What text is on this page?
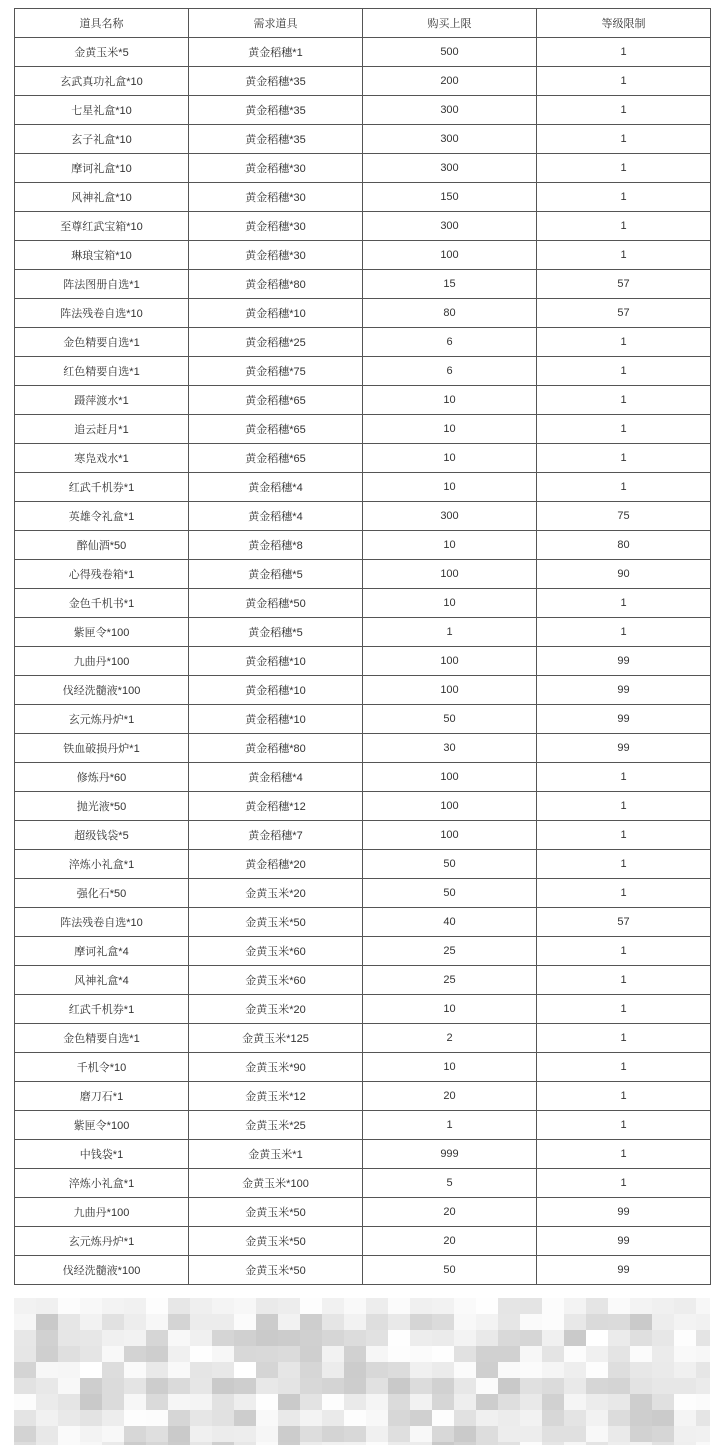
道具名称	需求道具	购买上限	等级限制
金黄玉米*5	黄金稻穗*1	500	1
玄武真功礼盒*10	黄金稻穗*35	200	1
七星礼盒*10	黄金稻穗*35	300	1
玄子礼盒*10	黄金稻穗*35	300	1
摩诃礼盒*10	黄金稻穗*30	300	1
风神礼盒*10	黄金稻穗*30	150	1
至尊红武宝箱*10	黄金稻穗*30	300	1
琳琅宝箱*10	黄金稻穗*30	100	1
阵法图册自选*1	黄金稻穗*80	15	57
阵法残卷自选*10	黄金稻穗*10	80	57
金色精要自选*1	黄金稻穗*25	6	1
红色精要自选*1	黄金稻穗*75	6	1
蹑萍渡水*1	黄金稻穗*65	10	1
追云赶月*1	黄金稻穗*65	10	1
寒凫戏水*1	黄金稻穗*65	10	1
红武千机券*1	黄金稻穗*4	10	1
英雄令礼盒*1	黄金稻穗*4	300	75
醉仙酒*50	黄金稻穗*8	10	80
心得残卷箱*1	黄金稻穗*5	100	90
金色千机书*1	黄金稻穗*50	10	1
紫匣令*100	黄金稻穗*5	1	1
九曲丹*100	黄金稻穗*10	100	99
伐经洗髓液*100	黄金稻穗*10	100	99
玄元炼丹炉*1	黄金稻穗*10	50	99
铁血破损丹炉*1	黄金稻穗*80	30	99
修炼丹*60	黄金稻穗*4	100	1
抛光液*50	黄金稻穗*12	100	1
超级钱袋*5	黄金稻穗*7	100	1
淬炼小礼盒*1	黄金稻穗*20	50	1
强化石*50	金黄玉米*20	50	1
阵法残卷自选*10	金黄玉米*50	40	57
摩诃礼盒*4	金黄玉米*60	25	1
风神礼盒*4	金黄玉米*60	25	1
红武千机券*1	金黄玉米*20	10	1
金色精要自选*1	金黄玉米*125	2	1
千机令*10	金黄玉米*90	10	1
磨刀石*1	金黄玉米*12	20	1
紫匣令*100	金黄玉米*25	1	1
中钱袋*1	金黄玉米*1	999	1
淬炼小礼盒*1	金黄玉米*100	5	1
九曲丹*100	金黄玉米*50	20	99
玄元炼丹炉*1	金黄玉米*50	20	99
伐经洗髓液*100	金黄玉米*50	50	99
